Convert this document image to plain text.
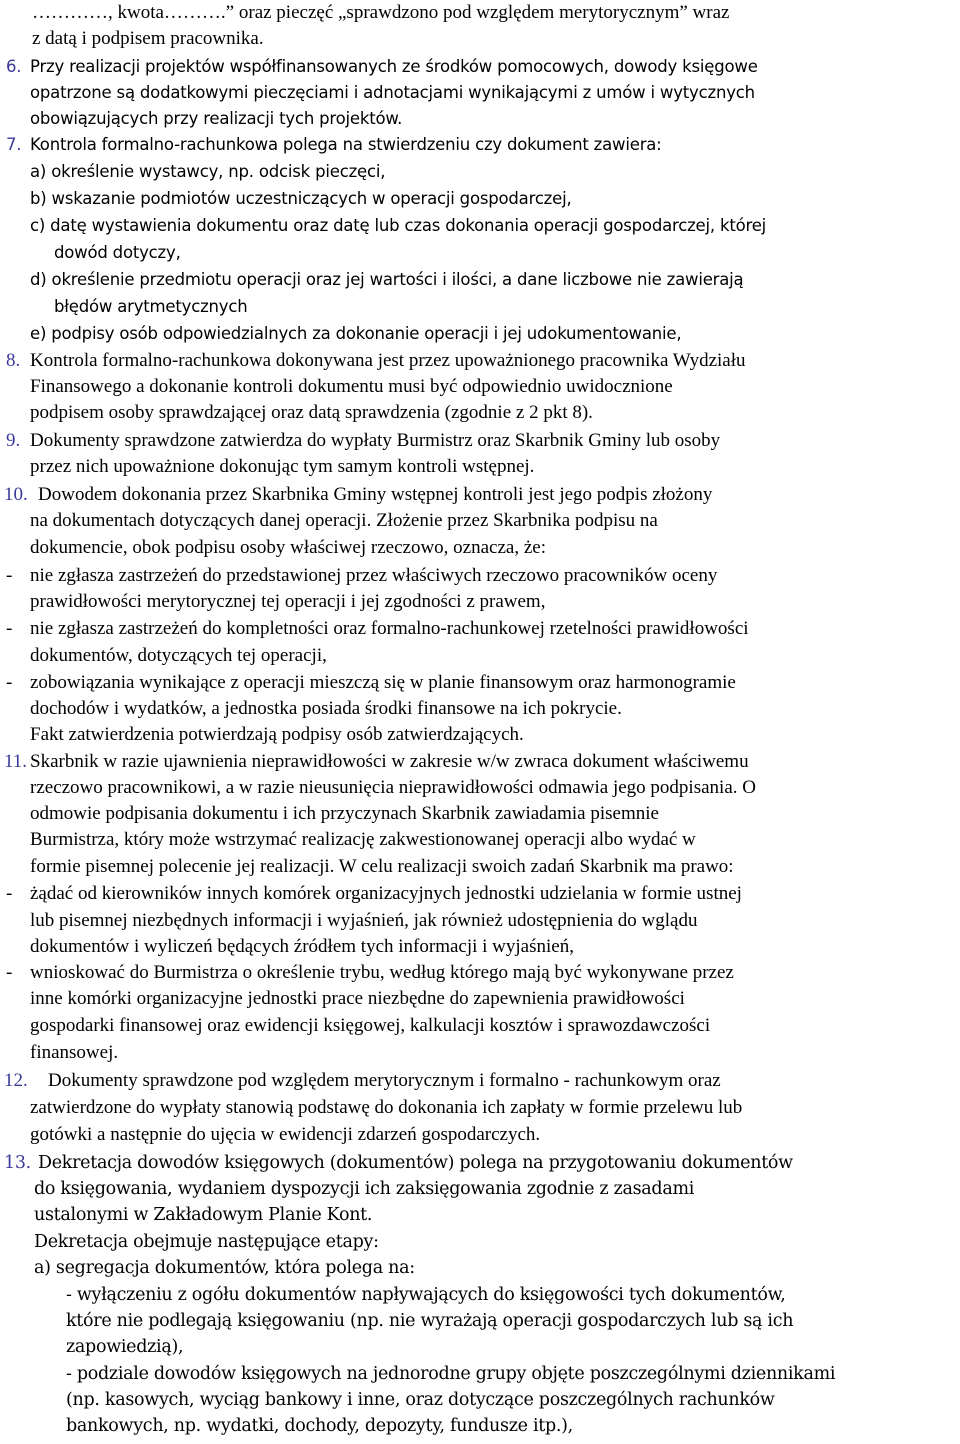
…………, kwota……….” oraz pieczęć „sprawdzono pod względem merytorycznym” wraz

z datą i podpisem pracownika.

6. Przy realizacji projektów współfinansowanych ze środków pomocowych, dowody księgowe

opatrzone są dodatkowymi pieczęciami i adnotacjami wynikającymi z umów i wytycznych

obowiązujących przy realizacji tych projektów.

7. Kontrola formalno-rachunkowa polega na stwierdzeniu czy dokument zawiera:

a) określenie wystawcy, np. odcisk pieczęci,

b) wskazanie podmiotów uczestniczących w operacji gospodarczej,

c) datę wystawienia dokumentu oraz datę lub czas dokonania operacji gospodarczej, której

dowód dotyczy,

d) określenie przedmiotu operacji oraz jej wartości i ilości, a dane liczbowe nie zawierają

błędów arytmetycznych

e) podpisy osób odpowiedzialnych za dokonanie operacji i jej udokumentowanie,

8. Kontrola formalno-rachunkowa dokonywana jest przez upoważnionego pracownika Wydziału

Finansowego a dokonanie kontroli dokumentu musi być odpowiednio uwidocznione

podpisem osoby sprawdzającej oraz datą sprawdzenia (zgodnie z 2 pkt 8).

9. Dokumenty sprawdzone zatwierdza do wypłaty Burmistrz oraz Skarbnik Gminy lub osoby

przez nich upoważnione dokonując tym samym kontroli wstępnej.

10. Dowodem dokonania przez Skarbnika Gminy wstępnej kontroli jest jego podpis złożony

na dokumentach dotyczących danej operacji. Złożenie przez Skarbnika podpisu na

dokumencie, obok podpisu osoby właściwej rzeczowo, oznacza, że:

- nie zgłasza zastrzeżeń do przedstawionej przez właściwych rzeczowo pracowników oceny

prawidłowości merytorycznej tej operacji i jej zgodności z prawem,

- nie zgłasza zastrzeżeń do kompletności oraz formalno-rachunkowej rzetelności prawidłowości

dokumentów, dotyczących tej operacji,

- zobowiązania wynikające z operacji mieszczą się w planie finansowym oraz harmonogramie

dochodów i wydatków, a jednostka posiada środki finansowe na ich pokrycie.

Fakt zatwierdzenia potwierdzają podpisy osób zatwierdzających.

11. Skarbnik w razie ujawnienia nieprawidłowości w zakresie w/w zwraca dokument właściwemu

rzeczowo pracownikowi, a w razie nieusunięcia nieprawidłowości odmawia jego podpisania. O

odmowie podpisania dokumentu i ich przyczynach Skarbnik zawiadamia pisemnie

Burmistrza, który może wstrzymać realizację zakwestionowanej operacji albo wydać w

formie pisemnej polecenie jej realizacji. W celu realizacji swoich zadań Skarbnik ma prawo:

- żądać od kierowników innych komórek organizacyjnych jednostki udzielania w formie ustnej

lub pisemnej niezbędnych informacji i wyjaśnień, jak również udostępnienia do wglądu

dokumentów i wyliczeń będących źródłem tych informacji i wyjaśnień,

- wnioskować do Burmistrza o określenie trybu, według którego mają być wykonywane przez

inne komórki organizacyjne jednostki prace niezbędne do zapewnienia prawidłowości

gospodarki finansowej oraz ewidencji księgowej, kalkulacji kosztów i sprawozdawczości

finansowej.

12. Dokumenty sprawdzone pod względem merytorycznym i formalno - rachunkowym oraz

zatwierdzone do wypłaty stanowią podstawę do dokonania ich zapłaty w formie przelewu lub

gotówki a następnie do ujęcia w ewidencji zdarzeń gospodarczych.

13. Dekretacja dowodów księgowych (dokumentów) polega na przygotowaniu dokumentów

do księgowania, wydaniem dyspozycji ich zaksięgowania zgodnie z zasadami

ustalonymi w Zakładowym Planie Kont.

Dekretacja obejmuje następujące etapy:

a) segregacja dokumentów, która polega na:

- wyłączeniu z ogółu dokumentów napływających do księgowości tych dokumentów,

które nie podlegają księgowaniu (np. nie wyrażają operacji gospodarczych lub są ich

zapowiedzią),

- podziale dowodów księgowych na jednorodne grupy objęte poszczególnymi dziennikami

(np. kasowych, wyciąg bankowy i inne, oraz dotyczące poszczególnych rachunków

bankowych, np. wydatki, dochody, depozyty, fundusze itp.),
